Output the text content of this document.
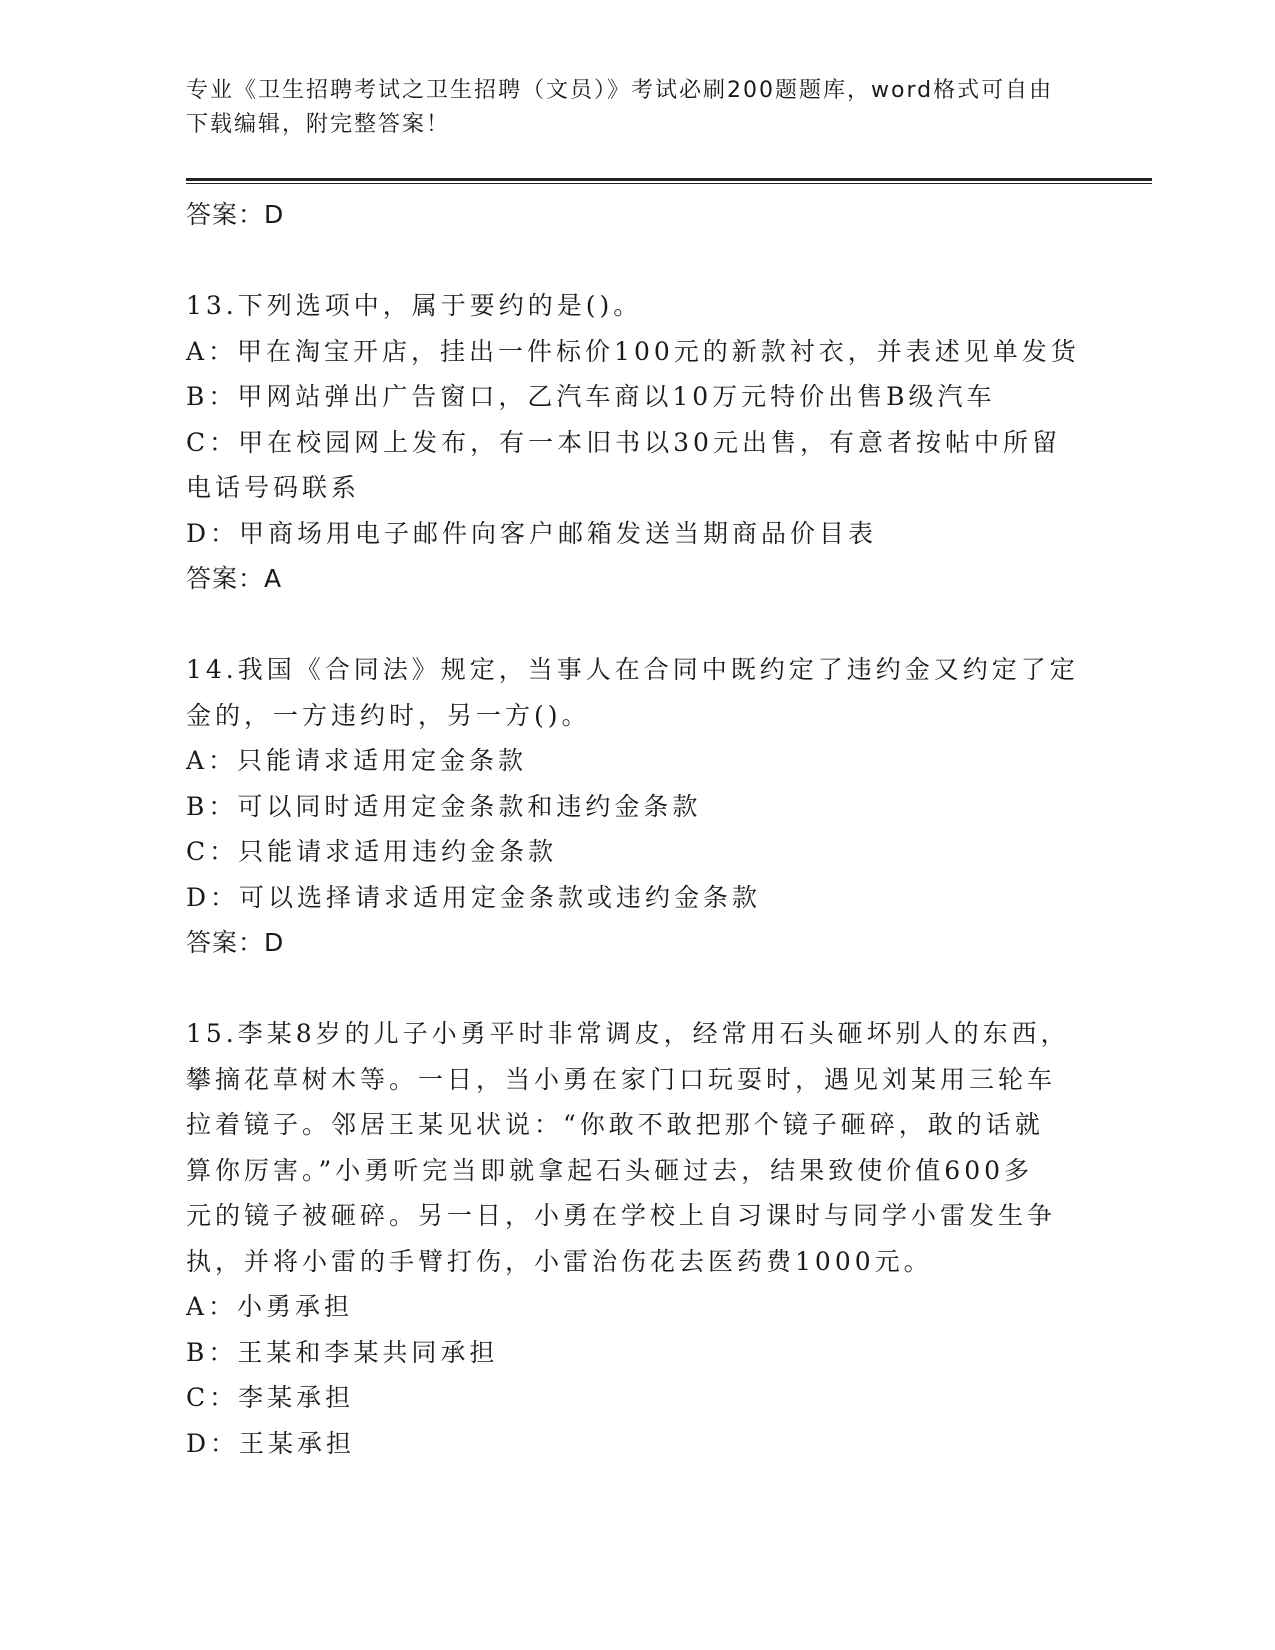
专业《卫生招聘考试之卫生招聘（文员）》考试必刷200题题库，word格式可自由下载编辑，附完整答案！

答案：D

13.下列选项中，属于要约的是()。

A：甲在淘宝开店，挂出一件标价100元的新款衬衣，并表述见单发货

B：甲网站弹出广告窗口，乙汽车商以10万元特价出售B级汽车

C：甲在校园网上发布，有一本旧书以30元出售，有意者按帖中所留

电话号码联系

D：甲商场用电子邮件向客户邮箱发送当期商品价目表

答案：A

14.我国《合同法》规定，当事人在合同中既约定了违约金又约定了定

金的，一方违约时，另一方()。

A：只能请求适用定金条款

B：可以同时适用定金条款和违约金条款

C：只能请求适用违约金条款

D：可以选择请求适用定金条款或违约金条款

答案：D

15.李某8岁的儿子小勇平时非常调皮，经常用石头砸坏别人的东西，

攀摘花草树木等。一日，当小勇在家门口玩耍时，遇见刘某用三轮车

拉着镜子。邻居王某见状说：“你敢不敢把那个镜子砸碎，敢的话就

算你厉害。”小勇听完当即就拿起石头砸过去，结果致使价值600多

元的镜子被砸碎。另一日，小勇在学校上自习课时与同学小雷发生争

执，并将小雷的手臂打伤，小雷治伤花去医药费1000元。

A：小勇承担

B：王某和李某共同承担

C：李某承担

D：王某承担
